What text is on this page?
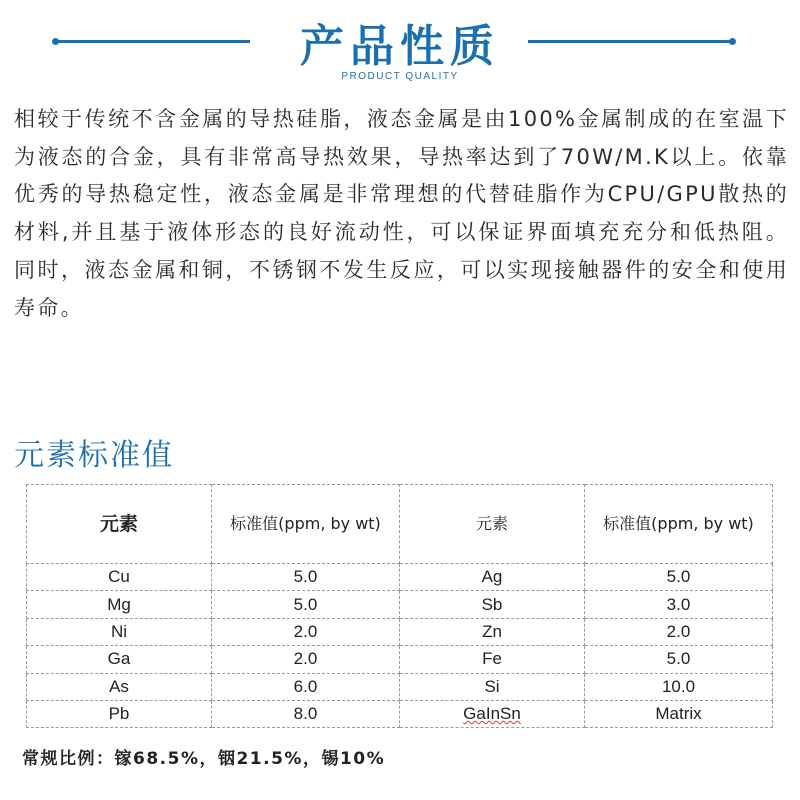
产品性质
PRODUCT QUALITY
相较于传统不含金属的导热硅脂，液态金属是由100%金属制成的在室温下为液态的合金，具有非常高导热效果，导热率达到了70W/M.K以上。依靠优秀的导热稳定性，液态金属是非常理想的代替硅脂作为CPU/GPU散热的材料,并且基于液体形态的良好流动性，可以保证界面填充充分和低热阻。同时，液态金属和铜，不锈钢不发生反应，可以实现接触器件的安全和使用寿命。
元素标准值
元素	标准值(ppm, by wt)	元素	标准值(ppm, by wt)
Cu	5.0	Ag	5.0
Mg	5.0	Sb	3.0
Ni	2.0	Zn	2.0
Ga	2.0	Fe	5.0
As	6.0	Si	10.0
Pb	8.0	GaInSn	Matrix
常规比例：镓68.5%，铟21.5%，锡10%
